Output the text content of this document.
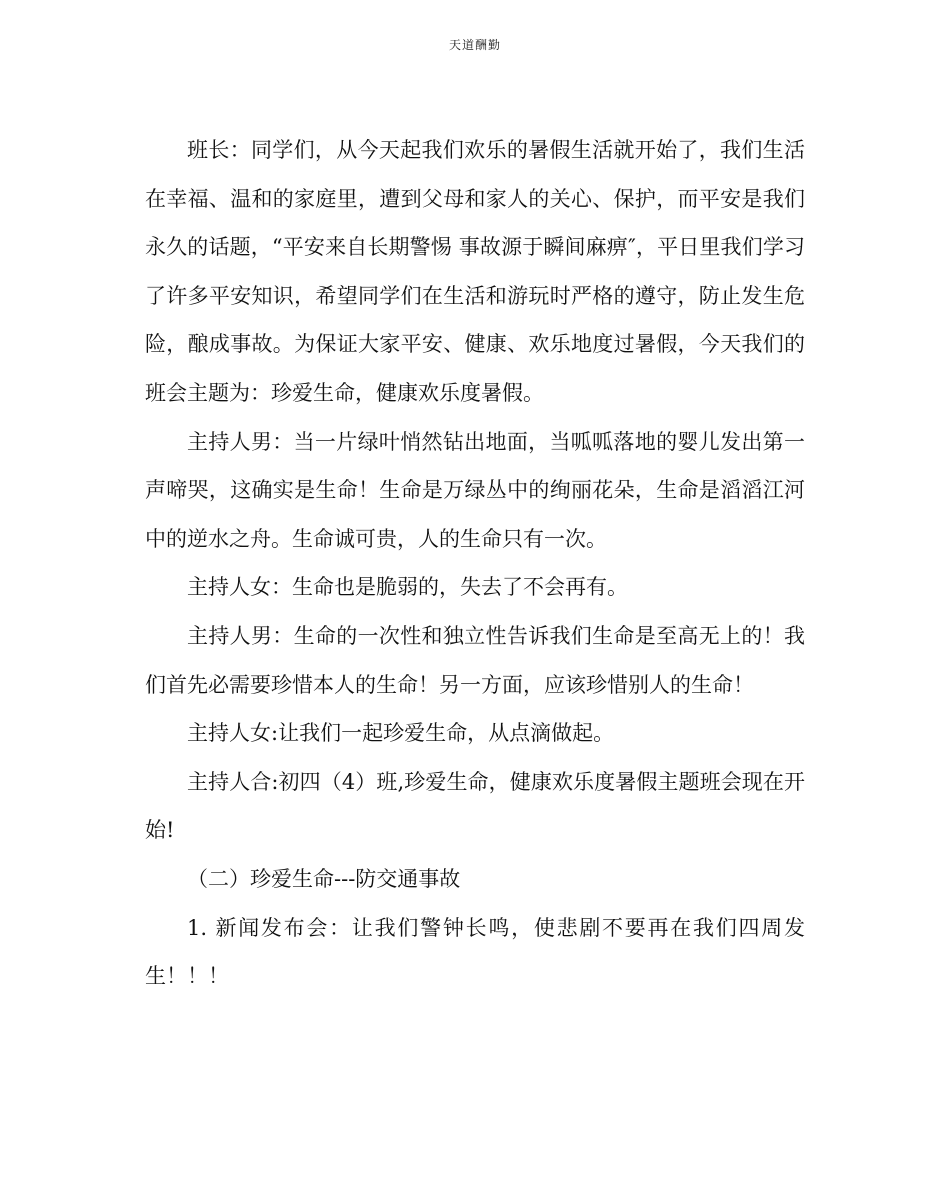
天道酬勤

班长：同学们，从今天起我们欢乐的暑假生活就开始了，我们生活在幸福、温和的家庭里，遭到父母和家人的关心、保护，而平安是我们永久的话题，“平安来自长期警惕 事故源于瞬间麻痹″，平日里我们学习了许多平安知识，希望同学们在生活和游玩时严格的遵守，防止发生危险，酿成事故。为保证大家平安、健康、欢乐地度过暑假，今天我们的班会主题为：珍爱生命，健康欢乐度暑假。

主持人男：当一片绿叶悄然钻出地面，当呱呱落地的婴儿发出第一声啼哭，这确实是生命！生命是万绿丛中的绚丽花朵，生命是滔滔江河中的逆水之舟。生命诚可贵，人的生命只有一次。

主持人女：生命也是脆弱的，失去了不会再有。

主持人男：生命的一次性和独立性告诉我们生命是至高无上的！我们首先必需要珍惜本人的生命！另一方面，应该珍惜别人的生命！

主持人女:让我们一起珍爱生命，从点滴做起。

主持人合:初四（4）班,珍爱生命，健康欢乐度暑假主题班会现在开始!

（二）珍爱生命---防交通事故

1. 新闻发布会：让我们警钟长鸣，使悲剧不要再在我们四周发生！！！
